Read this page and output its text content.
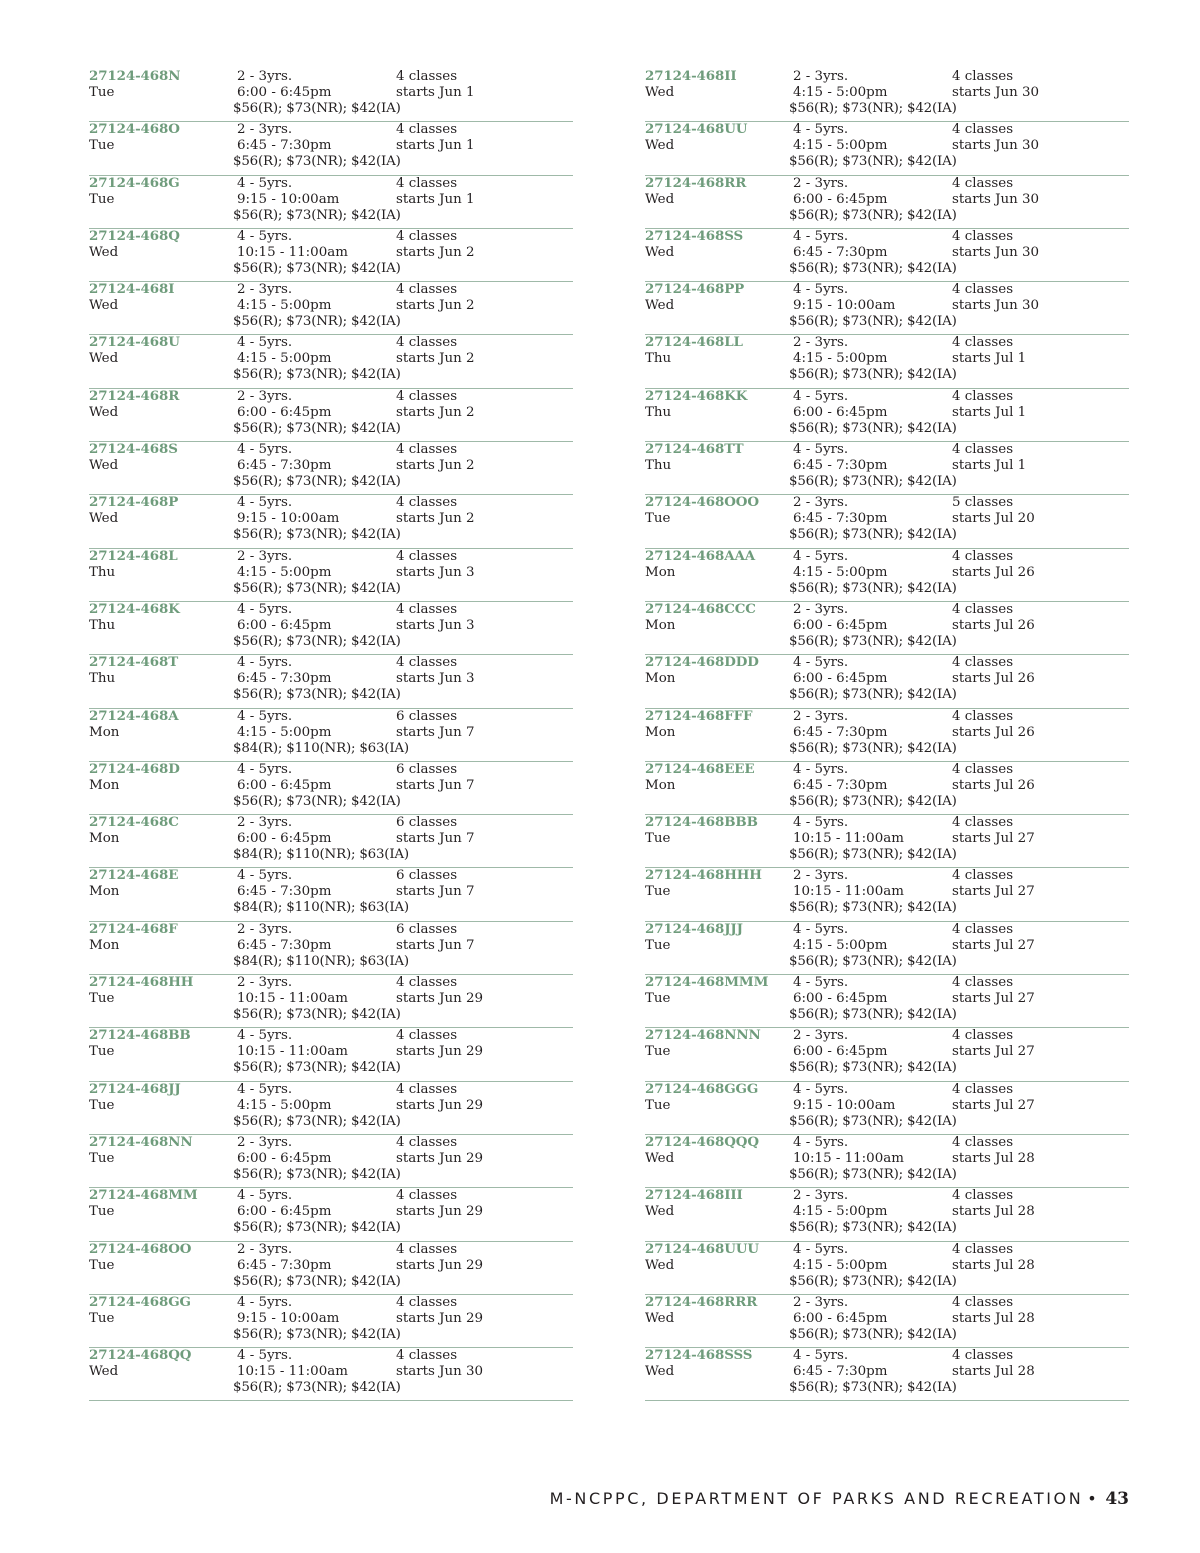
27124-468N
Tue
2 - 3yrs.
6:00 - 6:45pm
$56(R); $73(NR); $42(IA)
4 classes
starts Jun 1
27124-468O
Tue
2 - 3yrs.
6:45 - 7:30pm
$56(R); $73(NR); $42(IA)
4 classes
starts Jun 1
27124-468G
Tue
4 - 5yrs.
9:15 - 10:00am
$56(R); $73(NR); $42(IA)
4 classes
starts Jun 1
27124-468Q
Wed
4 - 5yrs.
10:15 - 11:00am
$56(R); $73(NR); $42(IA)
4 classes
starts Jun 2
27124-468I
Wed
2 - 3yrs.
4:15 - 5:00pm
$56(R); $73(NR); $42(IA)
4 classes
starts Jun 2
27124-468U
Wed
4 - 5yrs.
4:15 - 5:00pm
$56(R); $73(NR); $42(IA)
4 classes
starts Jun 2
27124-468R
Wed
2 - 3yrs.
6:00 - 6:45pm
$56(R); $73(NR); $42(IA)
4 classes
starts Jun 2
27124-468S
Wed
4 - 5yrs.
6:45 - 7:30pm
$56(R); $73(NR); $42(IA)
4 classes
starts Jun 2
27124-468P
Wed
4 - 5yrs.
9:15 - 10:00am
$56(R); $73(NR); $42(IA)
4 classes
starts Jun 2
27124-468L
Thu
2 - 3yrs.
4:15 - 5:00pm
$56(R); $73(NR); $42(IA)
4 classes
starts Jun 3
27124-468K
Thu
4 - 5yrs.
6:00 - 6:45pm
$56(R); $73(NR); $42(IA)
4 classes
starts Jun 3
27124-468T
Thu
4 - 5yrs.
6:45 - 7:30pm
$56(R); $73(NR); $42(IA)
4 classes
starts Jun 3
27124-468A
Mon
4 - 5yrs.
4:15 - 5:00pm
$84(R); $110(NR); $63(IA)
6 classes
starts Jun 7
27124-468D
Mon
4 - 5yrs.
6:00 - 6:45pm
$56(R); $73(NR); $42(IA)
6 classes
starts Jun 7
27124-468C
Mon
2 - 3yrs.
6:00 - 6:45pm
$84(R); $110(NR); $63(IA)
6 classes
starts Jun 7
27124-468E
Mon
4 - 5yrs.
6:45 - 7:30pm
$84(R); $110(NR); $63(IA)
6 classes
starts Jun 7
27124-468F
Mon
2 - 3yrs.
6:45 - 7:30pm
$84(R); $110(NR); $63(IA)
6 classes
starts Jun 7
27124-468HH
Tue
2 - 3yrs.
10:15 - 11:00am
$56(R); $73(NR); $42(IA)
4 classes
starts Jun 29
27124-468BB
Tue
4 - 5yrs.
10:15 - 11:00am
$56(R); $73(NR); $42(IA)
4 classes
starts Jun 29
27124-468JJ
Tue
4 - 5yrs.
4:15 - 5:00pm
$56(R); $73(NR); $42(IA)
4 classes
starts Jun 29
27124-468NN
Tue
2 - 3yrs.
6:00 - 6:45pm
$56(R); $73(NR); $42(IA)
4 classes
starts Jun 29
27124-468MM
Tue
4 - 5yrs.
6:00 - 6:45pm
$56(R); $73(NR); $42(IA)
4 classes
starts Jun 29
27124-468OO
Tue
2 - 3yrs.
6:45 - 7:30pm
$56(R); $73(NR); $42(IA)
4 classes
starts Jun 29
27124-468GG
Tue
4 - 5yrs.
9:15 - 10:00am
$56(R); $73(NR); $42(IA)
4 classes
starts Jun 29
27124-468QQ
Wed
4 - 5yrs.
10:15 - 11:00am
$56(R); $73(NR); $42(IA)
4 classes
starts Jun 30
27124-468II
Wed
2 - 3yrs.
4:15 - 5:00pm
$56(R); $73(NR); $42(IA)
4 classes
starts Jun 30
27124-468UU
Wed
4 - 5yrs.
4:15 - 5:00pm
$56(R); $73(NR); $42(IA)
4 classes
starts Jun 30
27124-468RR
Wed
2 - 3yrs.
6:00 - 6:45pm
$56(R); $73(NR); $42(IA)
4 classes
starts Jun 30
27124-468SS
Wed
4 - 5yrs.
6:45 - 7:30pm
$56(R); $73(NR); $42(IA)
4 classes
starts Jun 30
27124-468PP
Wed
4 - 5yrs.
9:15 - 10:00am
$56(R); $73(NR); $42(IA)
4 classes
starts Jun 30
27124-468LL
Thu
2 - 3yrs.
4:15 - 5:00pm
$56(R); $73(NR); $42(IA)
4 classes
starts Jul 1
27124-468KK
Thu
4 - 5yrs.
6:00 - 6:45pm
$56(R); $73(NR); $42(IA)
4 classes
starts Jul 1
27124-468TT
Thu
4 - 5yrs.
6:45 - 7:30pm
$56(R); $73(NR); $42(IA)
4 classes
starts Jul 1
27124-468OOO
Tue
2 - 3yrs.
6:45 - 7:30pm
$56(R); $73(NR); $42(IA)
5 classes
starts Jul 20
27124-468AAA
Mon
4 - 5yrs.
4:15 - 5:00pm
$56(R); $73(NR); $42(IA)
4 classes
starts Jul 26
27124-468CCC
Mon
2 - 3yrs.
6:00 - 6:45pm
$56(R); $73(NR); $42(IA)
4 classes
starts Jul 26
27124-468DDD
Mon
4 - 5yrs.
6:00 - 6:45pm
$56(R); $73(NR); $42(IA)
4 classes
starts Jul 26
27124-468FFF
Mon
2 - 3yrs.
6:45 - 7:30pm
$56(R); $73(NR); $42(IA)
4 classes
starts Jul 26
27124-468EEE
Mon
4 - 5yrs.
6:45 - 7:30pm
$56(R); $73(NR); $42(IA)
4 classes
starts Jul 26
27124-468BBB
Tue
4 - 5yrs.
10:15 - 11:00am
$56(R); $73(NR); $42(IA)
4 classes
starts Jul 27
27124-468HHH
Tue
2 - 3yrs.
10:15 - 11:00am
$56(R); $73(NR); $42(IA)
4 classes
starts Jul 27
27124-468JJJ
Tue
4 - 5yrs.
4:15 - 5:00pm
$56(R); $73(NR); $42(IA)
4 classes
starts Jul 27
27124-468MMM
Tue
4 - 5yrs.
6:00 - 6:45pm
$56(R); $73(NR); $42(IA)
4 classes
starts Jul 27
27124-468NNN
Tue
2 - 3yrs.
6:00 - 6:45pm
$56(R); $73(NR); $42(IA)
4 classes
starts Jul 27
27124-468GGG
Tue
4 - 5yrs.
9:15 - 10:00am
$56(R); $73(NR); $42(IA)
4 classes
starts Jul 27
27124-468QQQ
Wed
4 - 5yrs.
10:15 - 11:00am
$56(R); $73(NR); $42(IA)
4 classes
starts Jul 28
27124-468III
Wed
2 - 3yrs.
4:15 - 5:00pm
$56(R); $73(NR); $42(IA)
4 classes
starts Jul 28
27124-468UUU
Wed
4 - 5yrs.
4:15 - 5:00pm
$56(R); $73(NR); $42(IA)
4 classes
starts Jul 28
27124-468RRR
Wed
2 - 3yrs.
6:00 - 6:45pm
$56(R); $73(NR); $42(IA)
4 classes
starts Jul 28
27124-468SSS
Wed
4 - 5yrs.
6:45 - 7:30pm
$56(R); $73(NR); $42(IA)
4 classes
starts Jul 28
M-NCPPC, DEPARTMENT OF PARKS AND RECREATION • 43
